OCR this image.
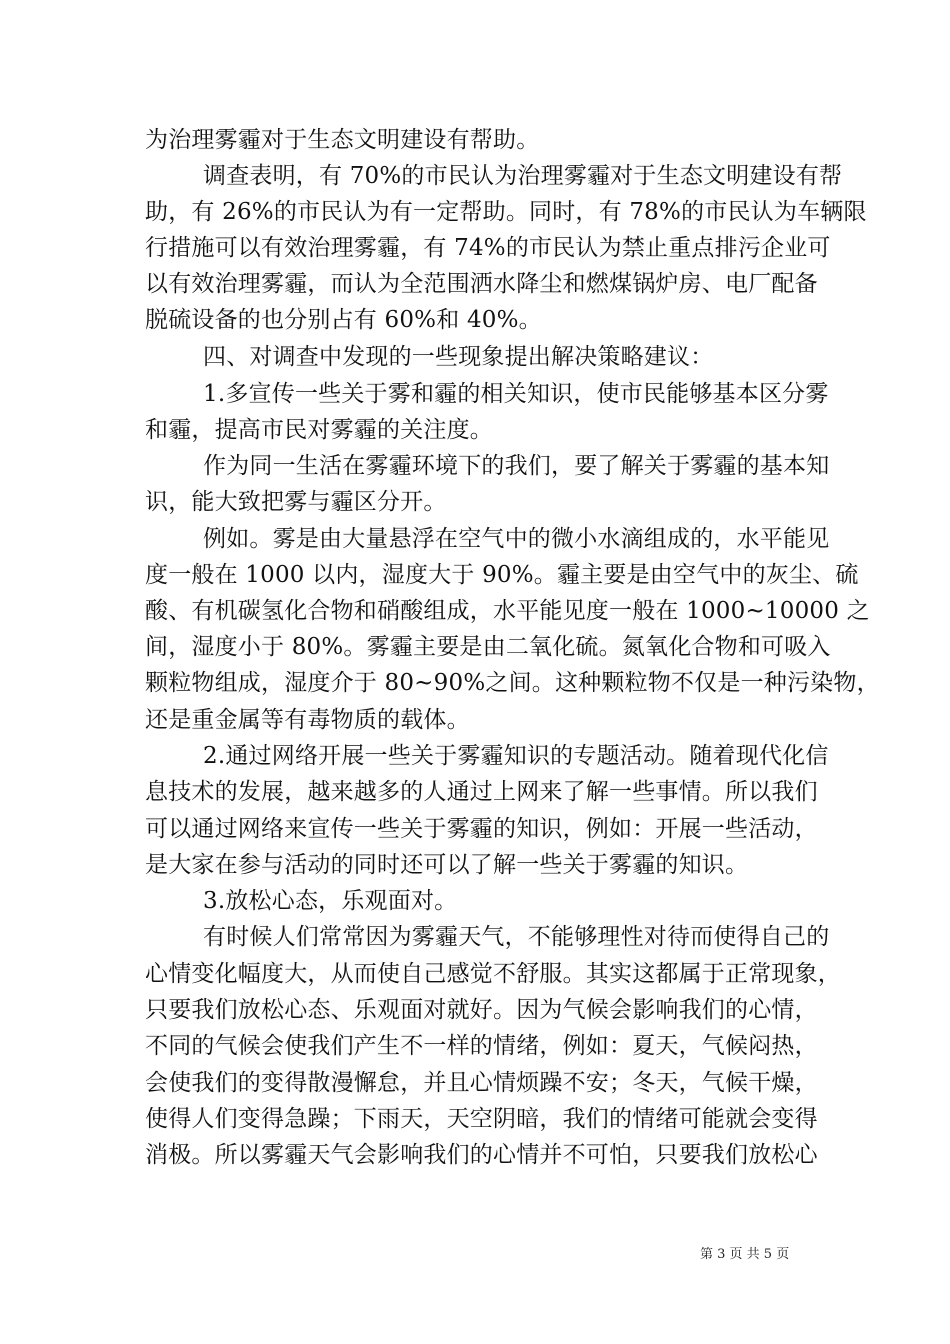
为治理雾霾对于生态文明建设有帮助。
调查表明，有 70%的市民认为治理雾霾对于生态文明建设有帮
助，有 26%的市民认为有一定帮助。同时，有 78%的市民认为车辆限
行措施可以有效治理雾霾，有 74%的市民认为禁止重点排污企业可
以有效治理雾霾，而认为全范围洒水降尘和燃煤锅炉房、电厂配备
脱硫设备的也分别占有 60%和 40%。
四、对调查中发现的一些现象提出解决策略建议：
1.多宣传一些关于雾和霾的相关知识，使市民能够基本区分雾
和霾，提高市民对雾霾的关注度。
作为同一生活在雾霾环境下的我们，要了解关于雾霾的基本知
识，能大致把雾与霾区分开。
例如。雾是由大量悬浮在空气中的微小水滴组成的，水平能见
度一般在 1000 以内，湿度大于 90%。霾主要是由空气中的灰尘、硫
酸、有机碳氢化合物和硝酸组成，水平能见度一般在 1000~10000 之
间，湿度小于 80%。雾霾主要是由二氧化硫。氮氧化合物和可吸入
颗粒物组成，湿度介于 80~90%之间。这种颗粒物不仅是一种污染物，
还是重金属等有毒物质的载体。
2.通过网络开展一些关于雾霾知识的专题活动。随着现代化信
息技术的发展，越来越多的人通过上网来了解一些事情。所以我们
可以通过网络来宣传一些关于雾霾的知识，例如：开展一些活动，
是大家在参与活动的同时还可以了解一些关于雾霾的知识。
3.放松心态，乐观面对。
有时候人们常常因为雾霾天气，不能够理性对待而使得自己的
心情变化幅度大，从而使自己感觉不舒服。其实这都属于正常现象，
只要我们放松心态、乐观面对就好。因为气候会影响我们的心情，
不同的气候会使我们产生不一样的情绪，例如：夏天，气候闷热，
会使我们的变得散漫懈怠，并且心情烦躁不安；冬天，气候干燥，
使得人们变得急躁；下雨天，天空阴暗，我们的情绪可能就会变得
消极。所以雾霾天气会影响我们的心情并不可怕，只要我们放松心
第 3 页 共 5 页
